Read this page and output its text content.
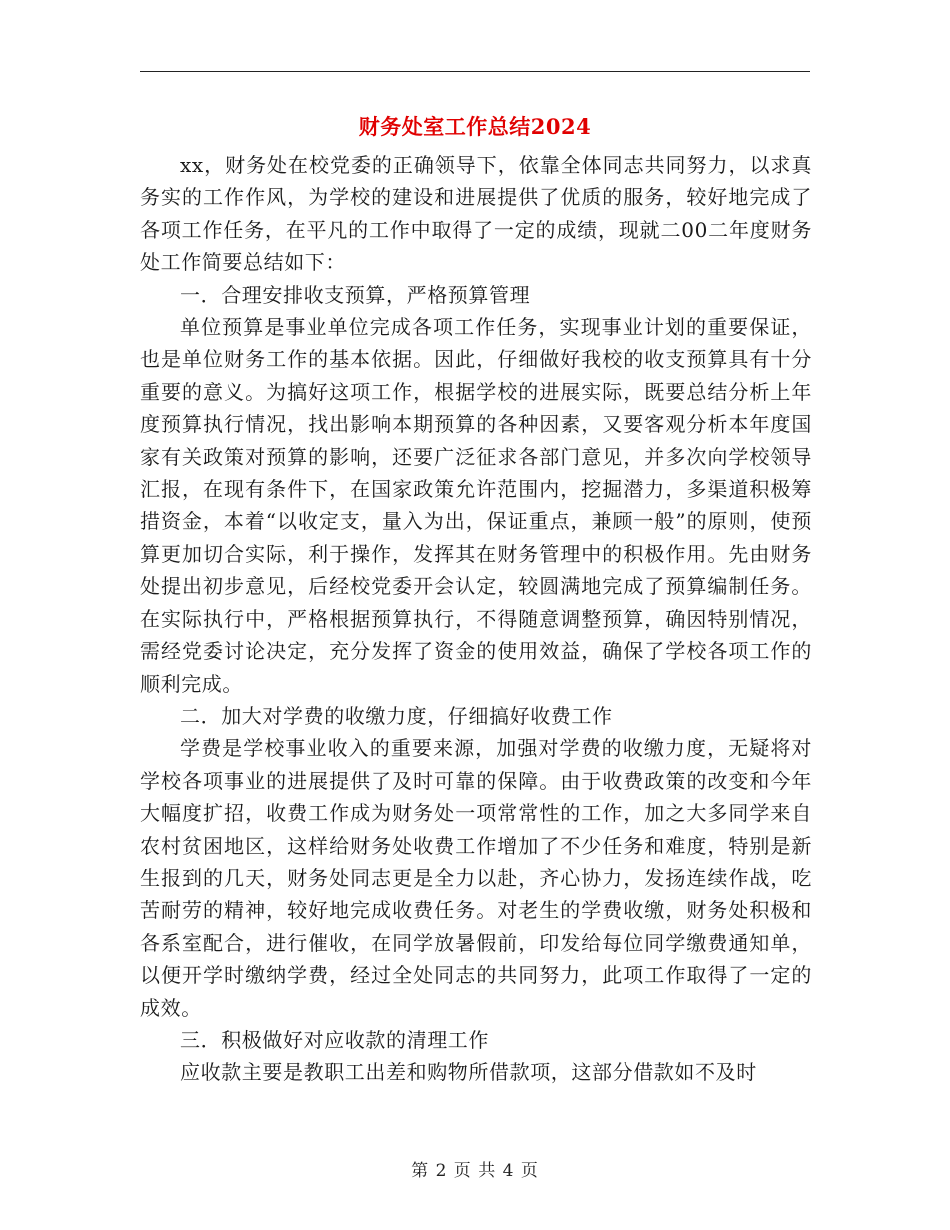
财务处室工作总结2024

xx，财务处在校党委的正确领导下，依靠全体同志共同努力，以求真务实的工作作风，为学校的建设和进展提供了优质的服务，较好地完成了各项工作任务，在平凡的工作中取得了一定的成绩，现就二00二年度财务处工作简要总结如下：

一．合理安排收支预算，严格预算管理

单位预算是事业单位完成各项工作任务，实现事业计划的重要保证，也是单位财务工作的基本依据。因此，仔细做好我校的收支预算具有十分重要的意义。为搞好这项工作，根据学校的进展实际，既要总结分析上年度预算执行情况，找出影响本期预算的各种因素，又要客观分析本年度国家有关政策对预算的影响，还要广泛征求各部门意见，并多次向学校领导汇报，在现有条件下，在国家政策允许范围内，挖掘潜力，多渠道积极筹措资金，本着“以收定支，量入为出，保证重点，兼顾一般”的原则，使预算更加切合实际，利于操作，发挥其在财务管理中的积极作用。先由财务处提出初步意见，后经校党委开会认定，较圆满地完成了预算编制任务。在实际执行中，严格根据预算执行，不得随意调整预算，确因特别情况，需经党委讨论决定，充分发挥了资金的使用效益，确保了学校各项工作的顺利完成。

二．加大对学费的收缴力度，仔细搞好收费工作

学费是学校事业收入的重要来源，加强对学费的收缴力度，无疑将对学校各项事业的进展提供了及时可靠的保障。由于收费政策的改变和今年大幅度扩招，收费工作成为财务处一项常常性的工作，加之大多同学来自农村贫困地区，这样给财务处收费工作增加了不少任务和难度，特别是新生报到的几天，财务处同志更是全力以赴，齐心协力，发扬连续作战，吃苦耐劳的精神，较好地完成收费任务。对老生的学费收缴，财务处积极和各系室配合，进行催收，在同学放暑假前，印发给每位同学缴费通知单，以便开学时缴纳学费，经过全处同志的共同努力，此项工作取得了一定的成效。

三．积极做好对应收款的清理工作

应收款主要是教职工出差和购物所借款项，这部分借款如不及时

第 2 页 共 4 页
